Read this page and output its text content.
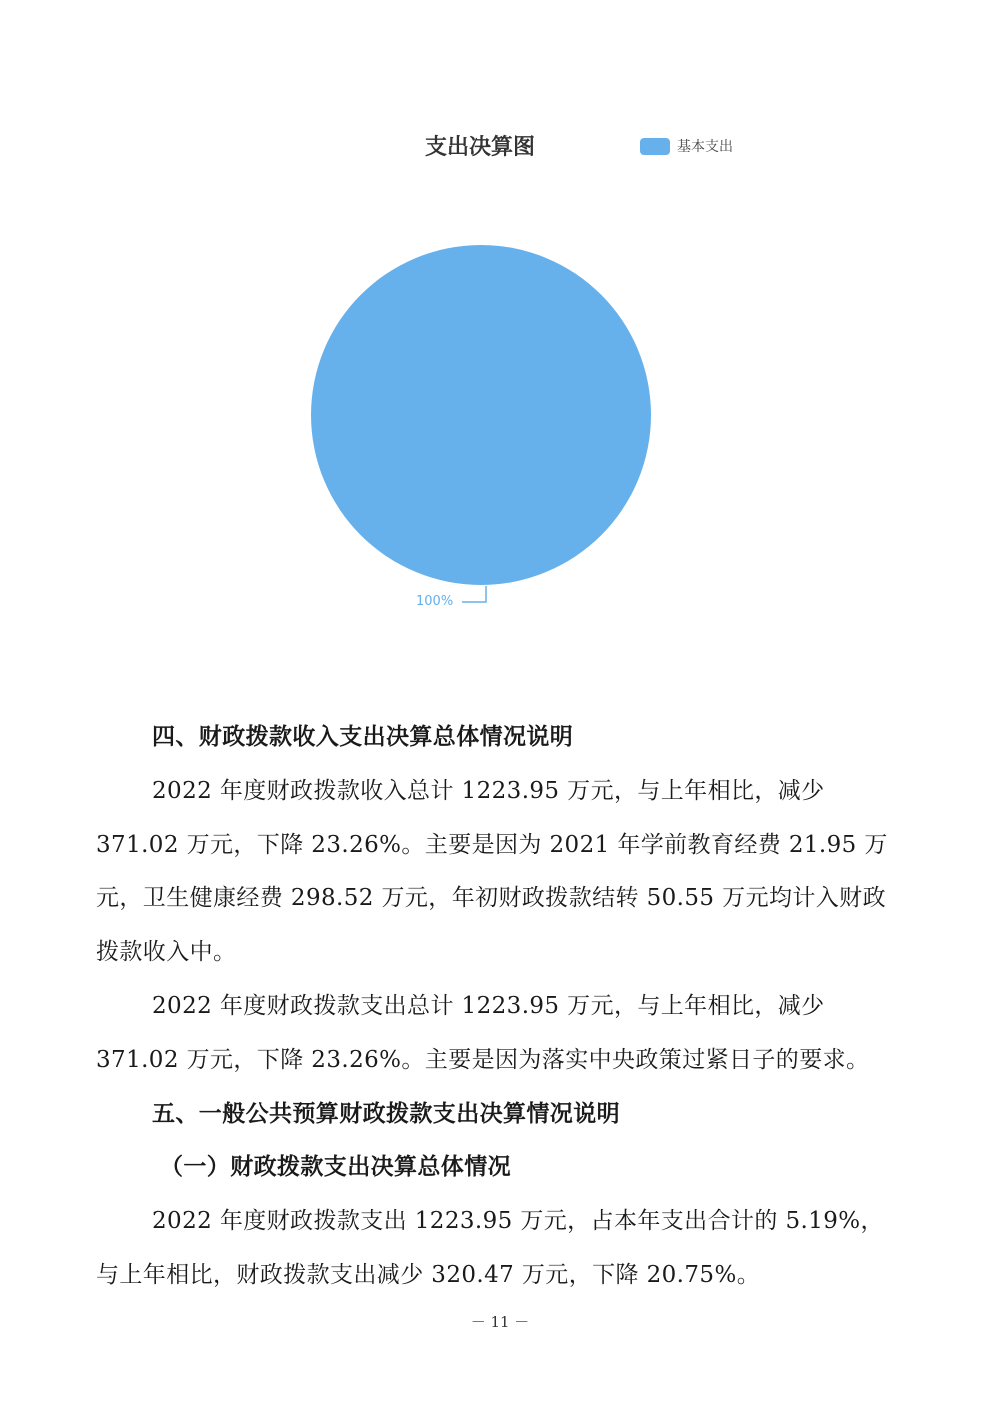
支出决算图	基本支出
100%

四、财政拨款收入支出决算总体情况说明

2022 年度财政拨款收入总计 1223.95 万元，与上年相比，减少 371.02 万元，下降 23.26%。主要是因为 2021 年学前教育经费 21.95 万元，卫生健康经费 298.52 万元，年初财政拨款结转 50.55 万元均计入财政拨款收入中。

2022 年度财政拨款支出总计 1223.95 万元，与上年相比，减少 371.02 万元，下降 23.26%。主要是因为落实中央政策过紧日子的要求。

五、一般公共预算财政拨款支出决算情况说明

（一）财政拨款支出决算总体情况

2022 年度财政拨款支出 1223.95 万元，占本年支出合计的 5.19%，与上年相比，财政拨款支出减少 320.47 万元，下降 20.75%。

－ 11 －
